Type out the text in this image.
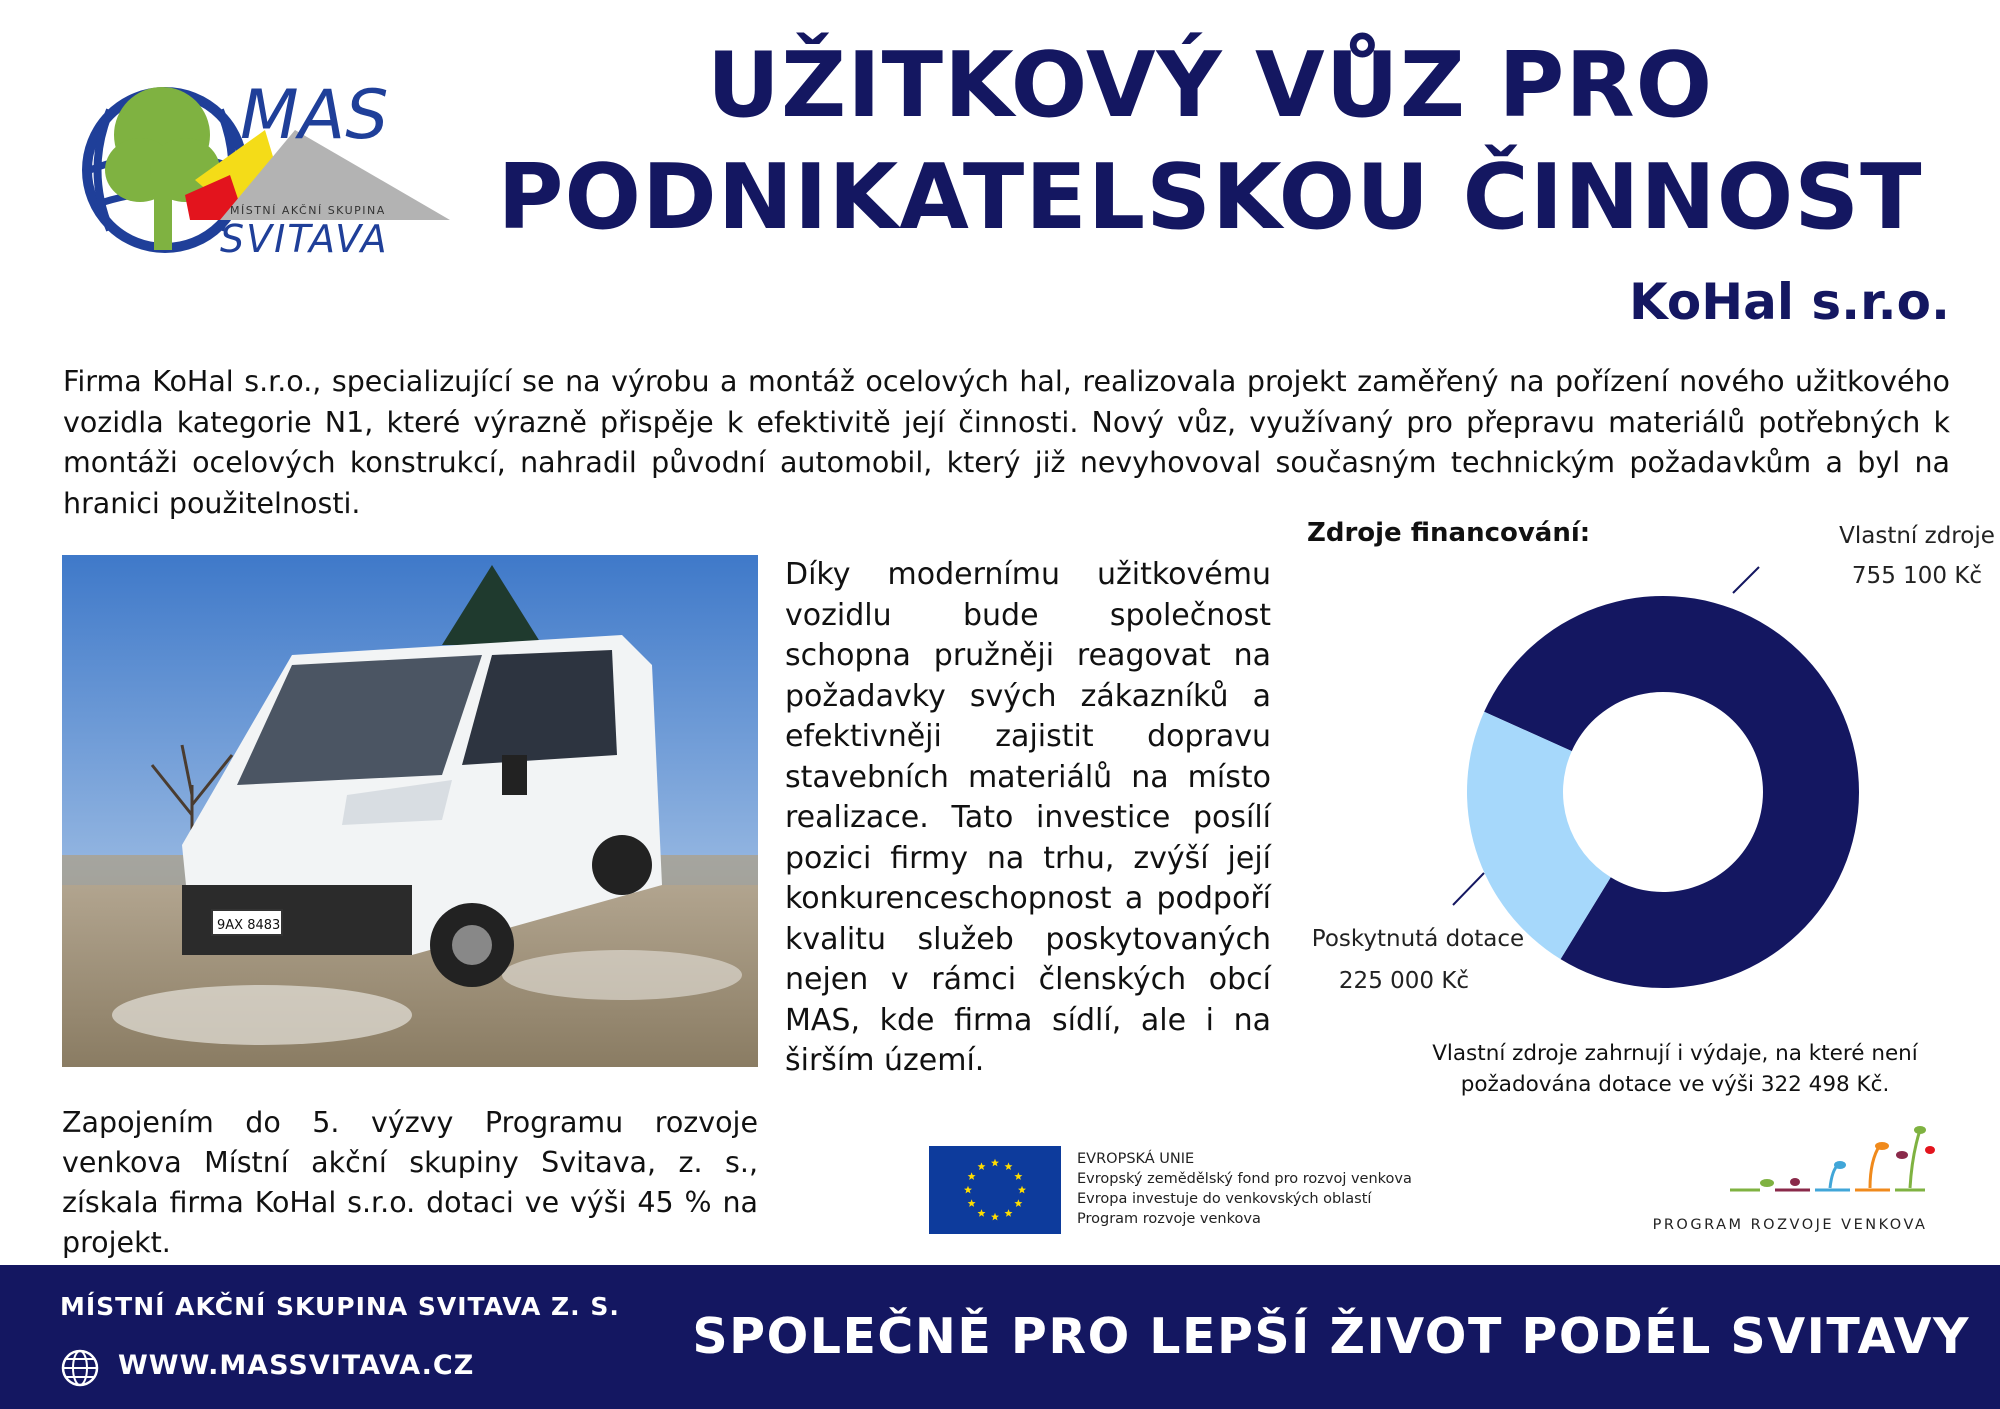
MAS
MÍSTNÍ AKČNÍ SKUPINA
SVITAVA
UŽITKOVÝ VŮZ PRO
PODNIKATELSKOU ČINNOST
KoHal s.r.o.
Firma KoHal s.r.o., specializující se na výrobu a montáž ocelových hal, realizovala projekt zaměřený na pořízení nového užitkového vozidla kategorie N1, které výrazně přispěje k efektivitě její činnosti. Nový vůz, využívaný pro přepravu materiálů potřebných k montáži ocelových konstrukcí, nahradil původní automobil, který již nevyhovoval současným technickým požadavkům a byl na hranici použitelnosti.
9AX 8483
Díky modernímu užitkovému vozidlu bude společnost schopna pružněji reagovat na požadavky svých zákazníků a efektivněji zajistit dopravu stavebních materiálů na místo realizace. Tato investice posílí pozici firmy na trhu, zvýší její konkurenceschopnost a podpoří kvalitu služeb poskytovaných nejen v rámci členských obcí MAS, kde firma sídlí, ale i na širším území.
Zapojením do 5. výzvy Programu rozvoje venkova Místní akční skupiny Svitava, z. s., získala firma KoHal s.r.o. dotaci ve výši 45 % na projekt.
Zdroje financování:	Vlastní zdroje
755 100 Kč
Poskytnutá dotace
225 000 Kč
Vlastní zdroje zahrnují i výdaje, na které není požadována dotace ve výši 322 498 Kč.
EVROPSKÁ UNIE
Evropský zemědělský fond pro rozvoj venkova
Evropa investuje do venkovských oblastí
Program rozvoje venkova	PROGRAM ROZVOJE VENKOVA
MÍSTNÍ AKČNÍ SKUPINA SVITAVA Z. S.
WWW.MASSVITAVA.CZ
SPOLEČNĚ PRO LEPŠÍ ŽIVOT PODÉL SVITAVY
